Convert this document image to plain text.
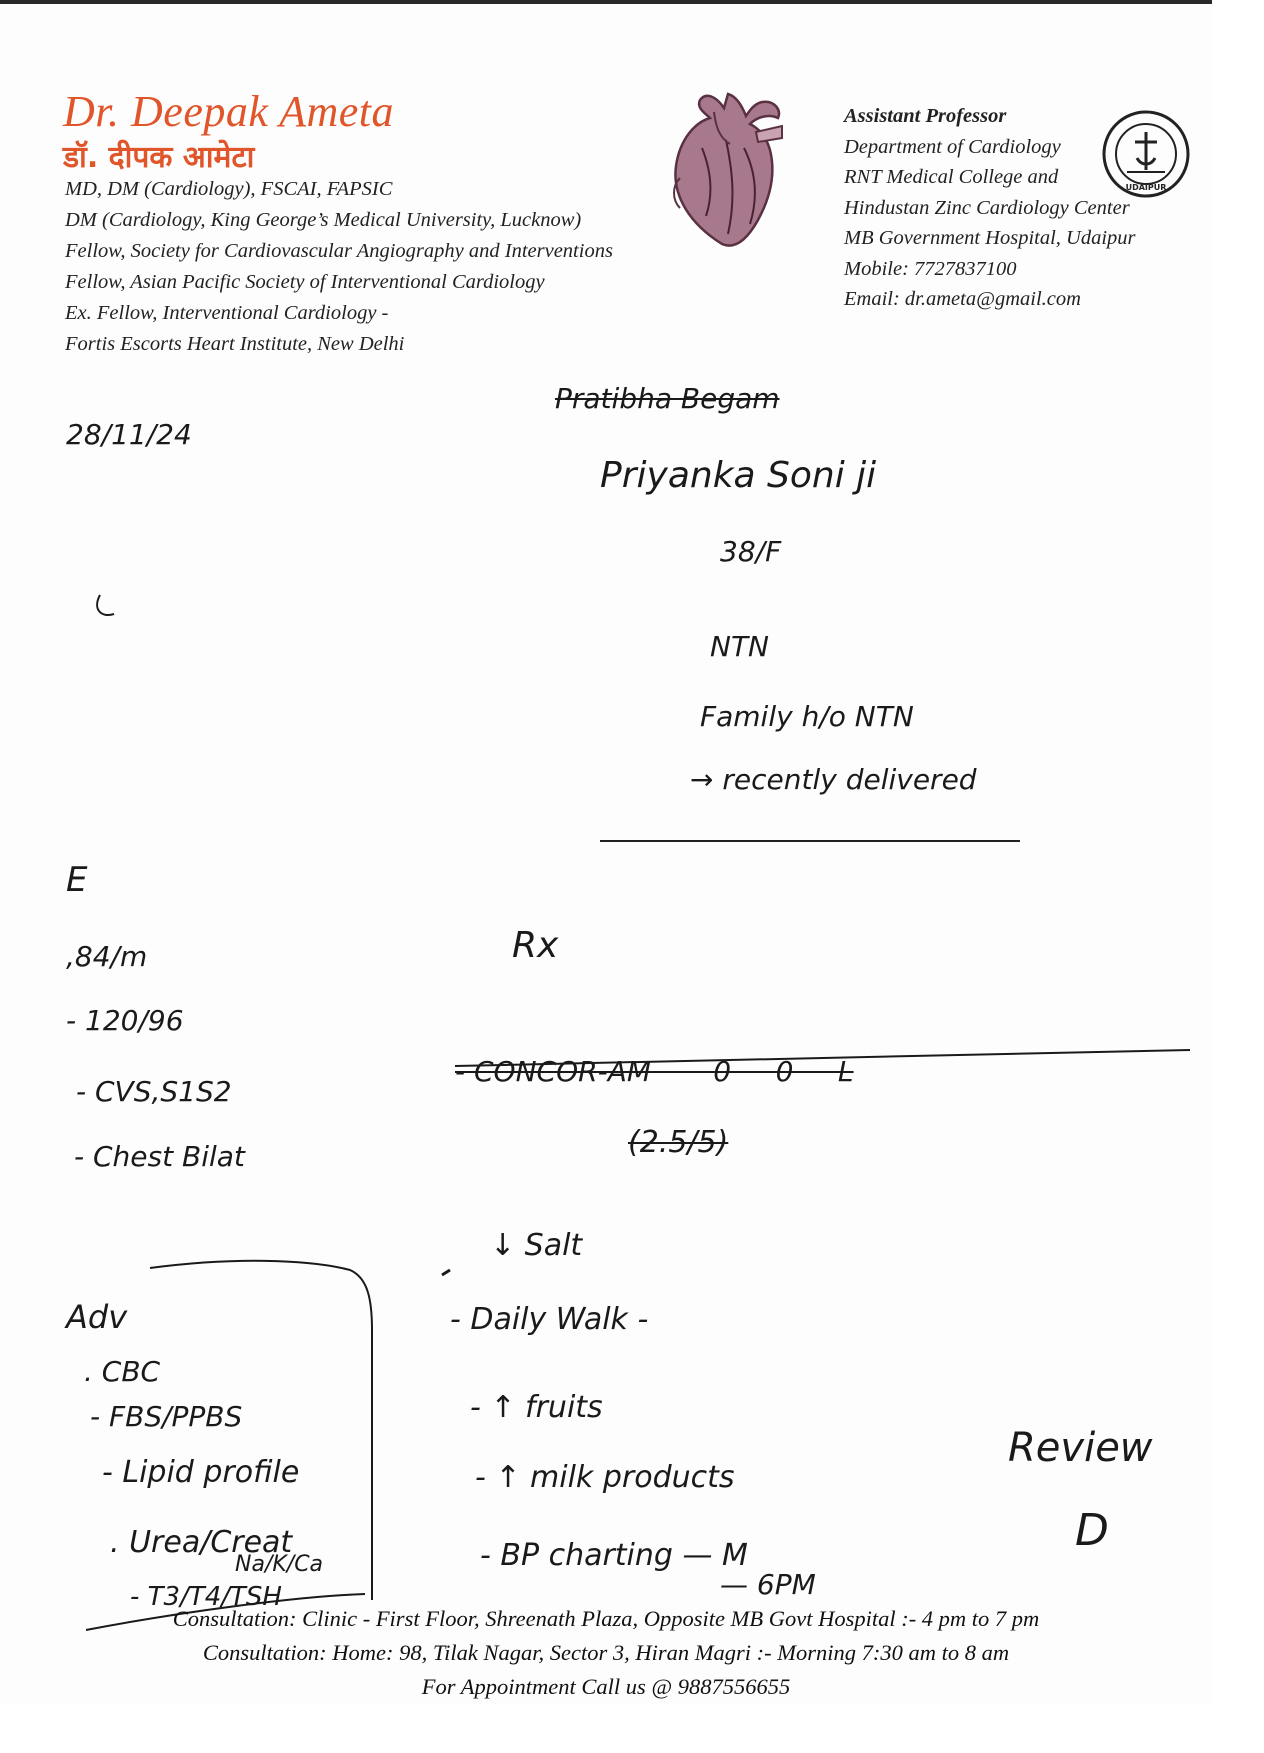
Dr. Deepak Ameta
डॉ. दीपक आमेटा
MD, DM (Cardiology), FSCAI, FAPSIC
DM (Cardiology, King George’s Medical University, Lucknow)
Fellow, Society for Cardiovascular Angiography and Interventions
Fellow, Asian Pacific Society of Interventional Cardiology
Ex. Fellow, Interventional Cardiology -
Fortis Escorts Heart Institute, New Delhi
Assistant Professor
Department of Cardiology
RNT Medical College and
Hindustan Zinc Cardiology Center
MB Government Hospital, Udaipur
Mobile: 7727837100
Email: dr.ameta@gmail.com
UDAIPUR
28/11/24
Pratibha Begam
Priyanka Soni ji
38/F
NTN
Family h/o NTN
→ recently delivered
E
,84/m
- 120/96
- CVS,S1S2
- Chest Bilat
Rx
- CONCOR-AM       0     0     L
(2.5/5)
↓ Salt
- Daily Walk -
- ↑ fruits
- ↑ milk products
- BP charting — M
— 6PM
Adv
. CBC
- FBS/PPBS
- Lipid profile
. Urea/Creat
Na/K/Ca
- T3/T4/TSH
Review
D
Consultation: Clinic - First Floor, Shreenath Plaza, Opposite MB Govt Hospital :- 4 pm to 7 pm
Consultation: Home: 98, Tilak Nagar, Sector 3, Hiran Magri :- Morning 7:30 am to 8 am
For Appointment Call us @ 9887556655
